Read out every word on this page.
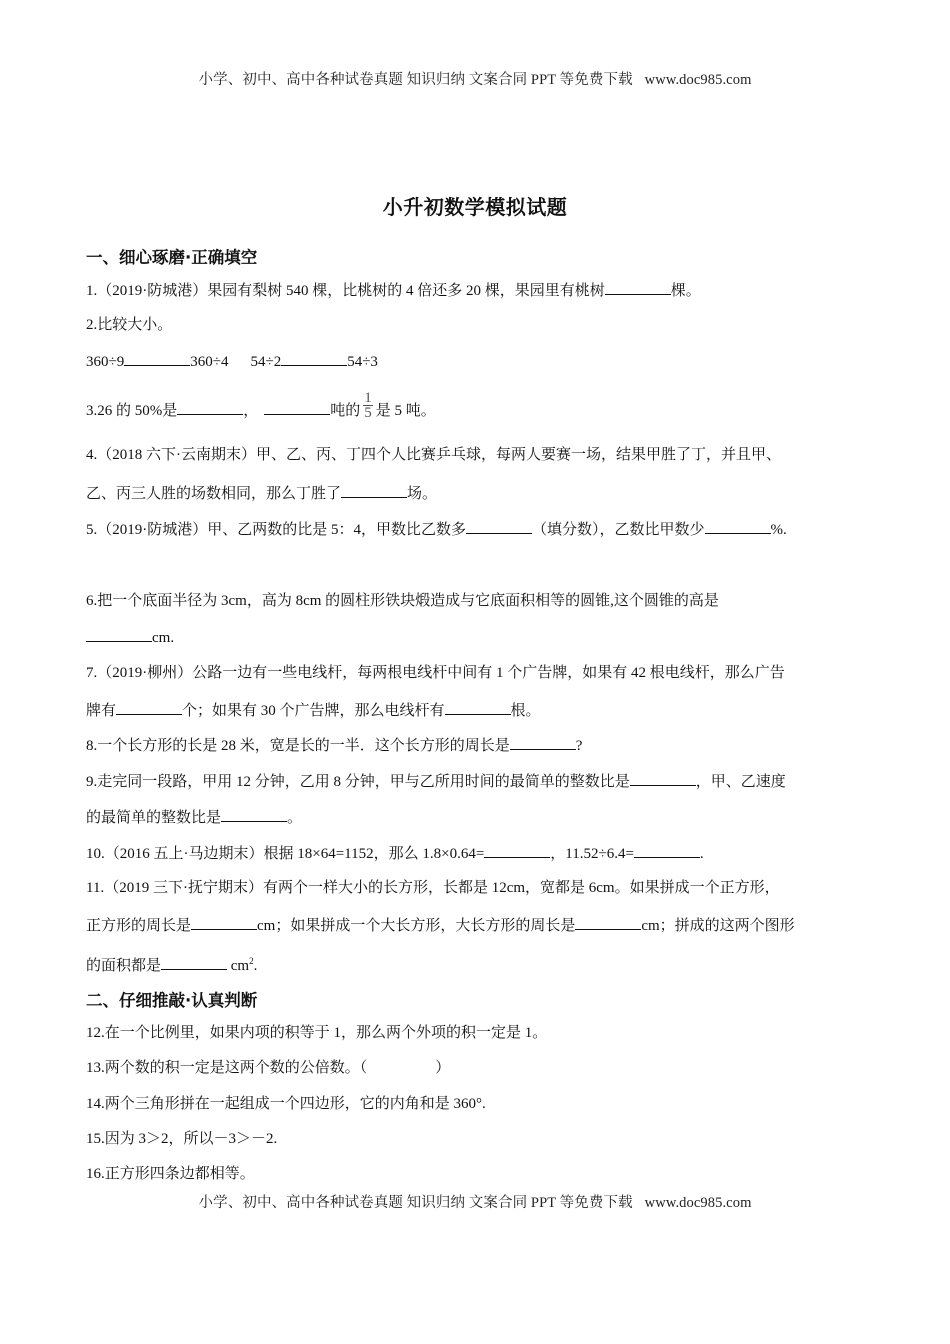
小学、初中、高中各种试卷真题 知识归纳 文案合同 PPT 等免费下载 www.doc985.com
小升初数学模拟试题
一、细心琢磨·正确填空
1.（2019·防城港）果园有梨树 540 棵，比桃树的 4 倍还多 20 棵，果园里有桃树	棵。
2.比较大小。
360÷9	360÷4 54÷2	54÷3
3.26 的 50%是	，	吨的 $\frac{1}{5}$ 是 5 吨。
4.（2018 六下·云南期末）甲、乙、丙、丁四个人比赛乒乓球，每两人要赛一场，结果甲胜了丁，并且甲、
乙、丙三人胜的场数相同，那么丁胜了	场。
5.（2019·防城港）甲、乙两数的比是 5：4，甲数比乙数多	（填分数），乙数比甲数少	%.
6.把一个底面半径为 3cm，高为 8cm 的圆柱形铁块煅造成与它底面积相等的圆锥,这个圆锥的高是
cm.
7.（2019·柳州）公路一边有一些电线杆，每两根电线杆中间有 1 个广告牌，如果有 42 根电线杆，那么广告
牌有	个；如果有 30 个广告牌，那么电线杆有	根。
8.一个长方形的长是 28 米，宽是长的一半．这个长方形的周长是	?
9.走完同一段路，甲用 12 分钟，乙用 8 分钟，甲与乙所用时间的最简单的整数比是	，甲、乙速度
的最简单的整数比是	。
10.（2016 五上·马边期末）根据 18×64=1152，那么 1.8×0.64=	，11.52÷6.4=	.
11.（2019 三下·抚宁期末）有两个一样大小的长方形，长都是 12cm，宽都是 6cm。如果拼成一个正方形，
正方形的周长是	cm；如果拼成一个大长方形，大长方形的周长是	cm；拼成的这两个图形
的面积都是	$cm^2$.
二、仔细推敲·认真判断
12.在一个比例里，如果内项的积等于 1，那么两个外项的积一定是 1。
13.两个数的积一定是这两个数的公倍数。（	）
14.两个三角形拼在一起组成一个四边形，它的内角和是 360°.
15.因为 3＞2，所以－3＞－2.
16.正方形四条边都相等。
小学、初中、高中各种试卷真题 知识归纳 文案合同 PPT 等免费下载 www.doc985.com
